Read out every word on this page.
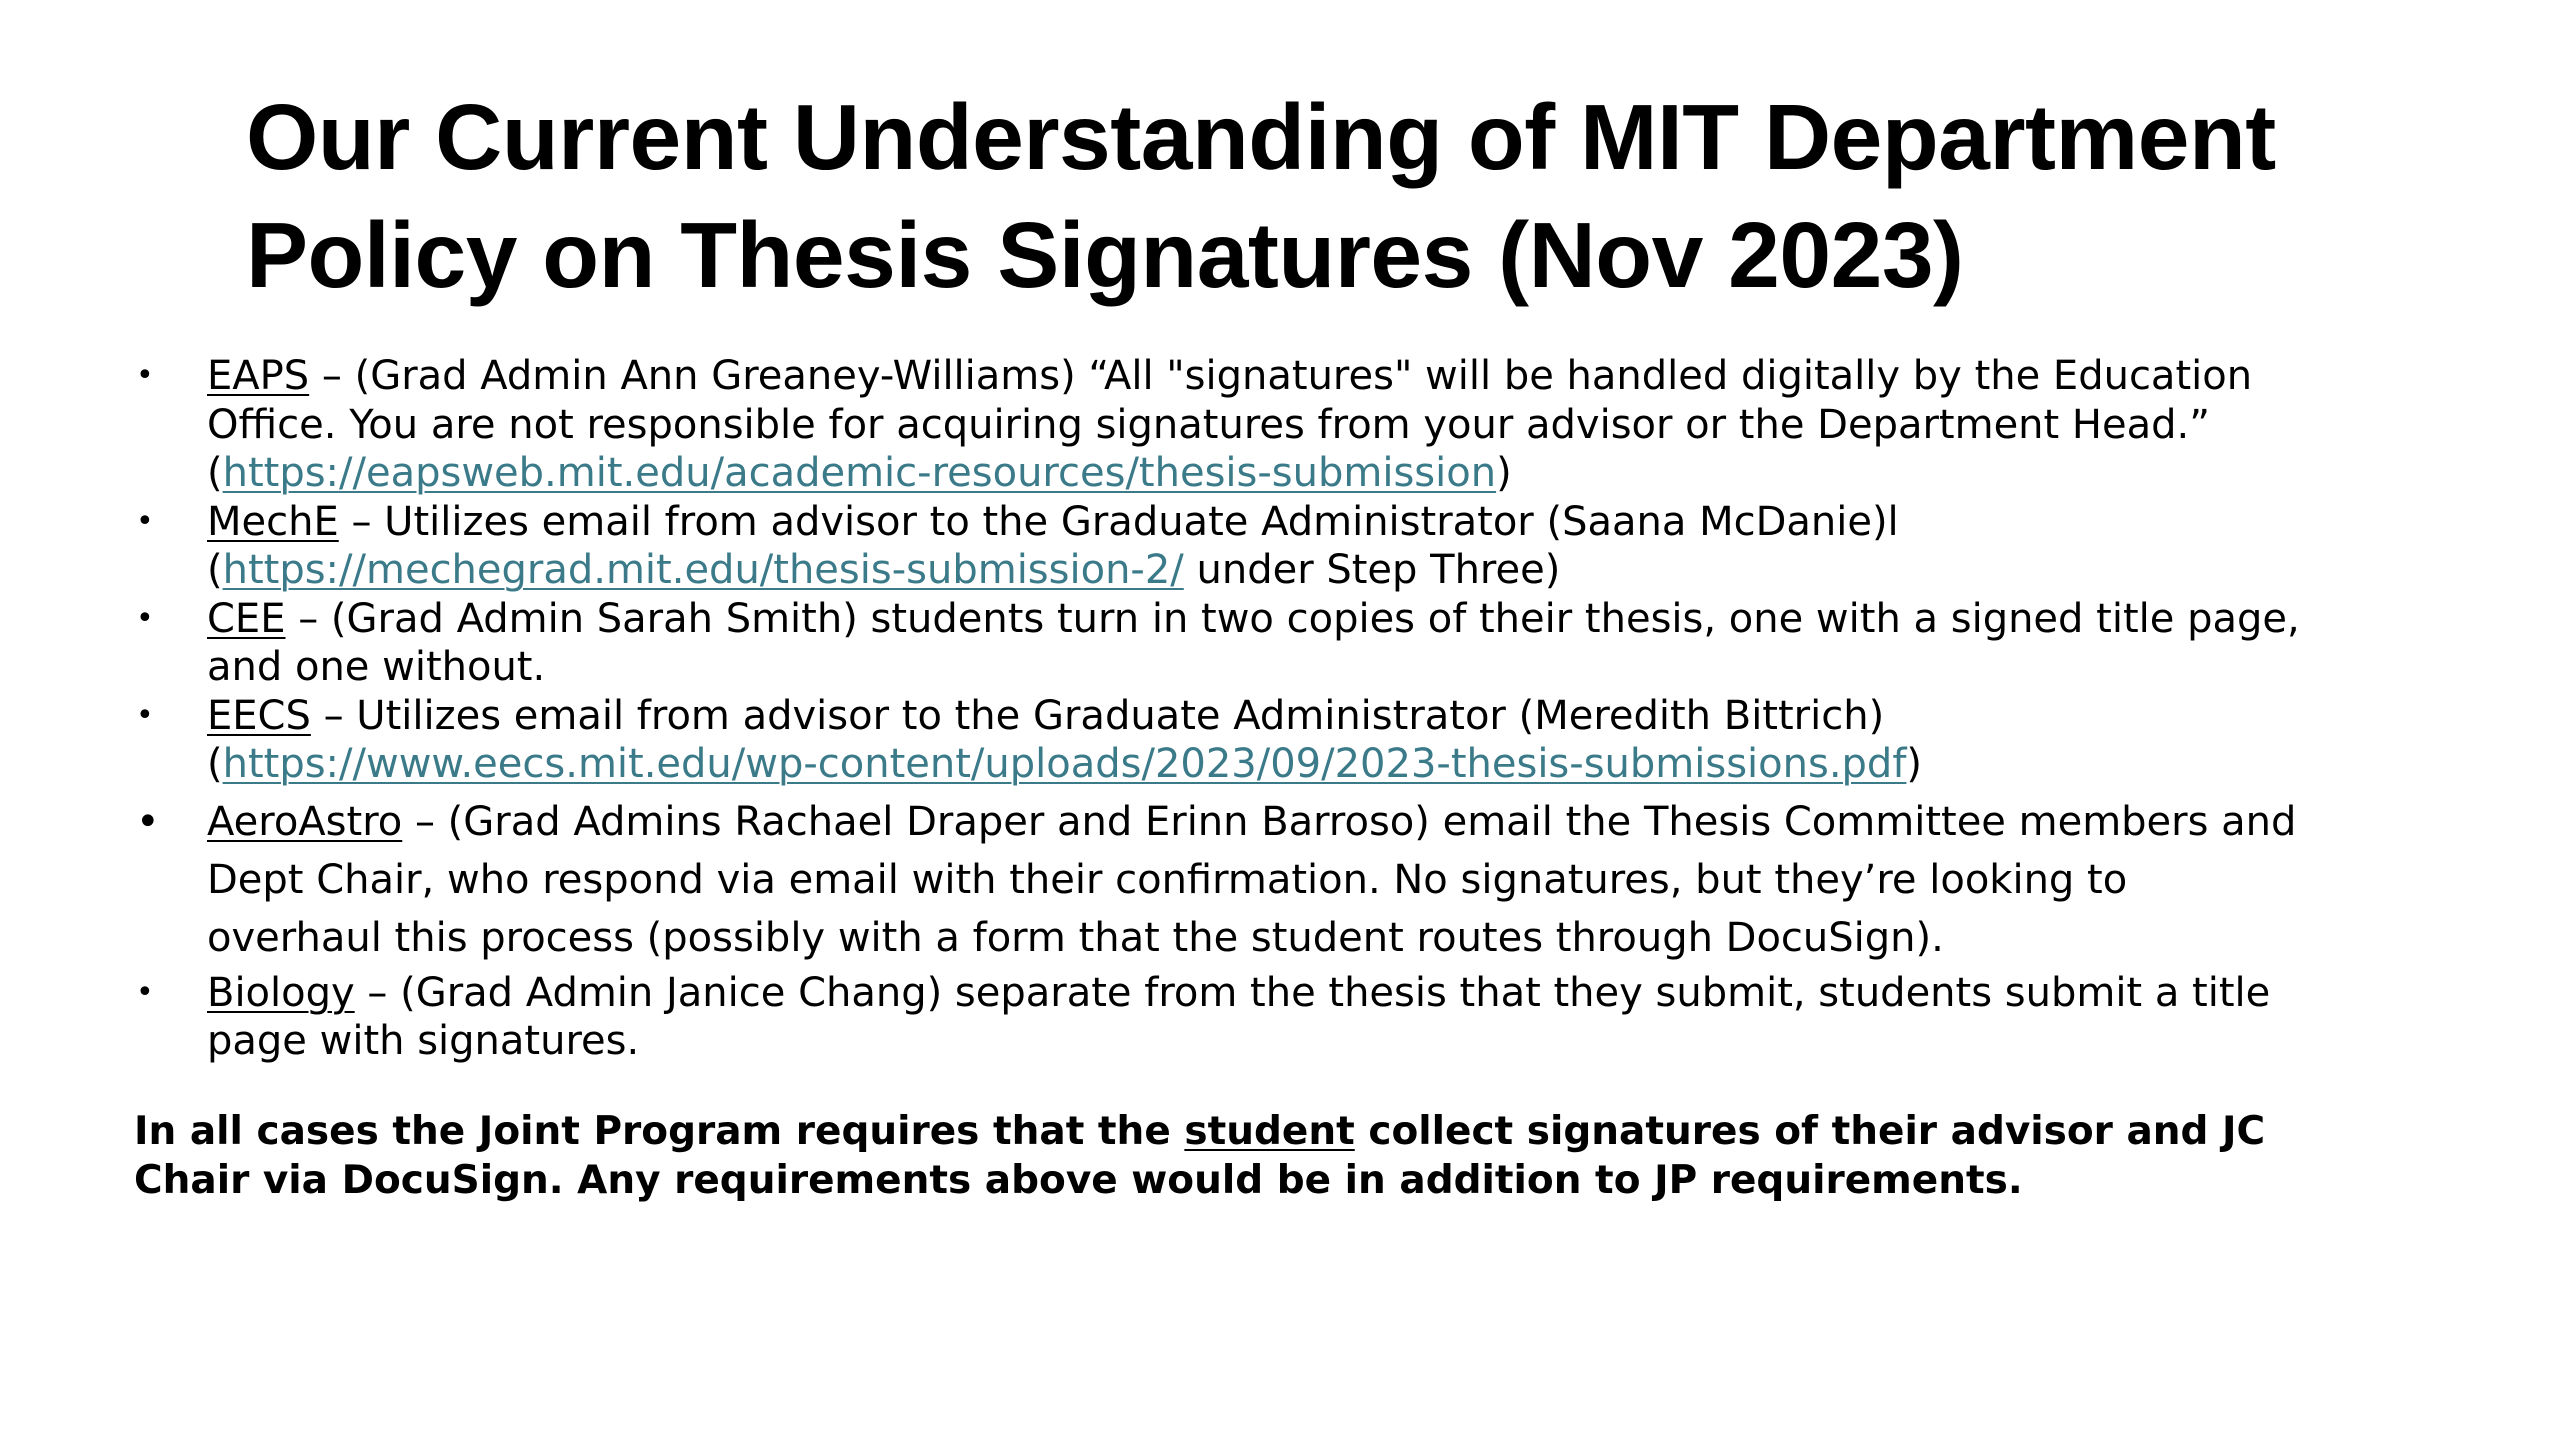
Our Current Understanding of MIT Department
Policy on Thesis Signatures (Nov 2023)
• EAPS – (Grad Admin Ann Greaney-Williams) “All "signatures" will be handled digitally by the Education Office. You are not responsible for acquiring signatures from your advisor or the Department Head.” (https://eapsweb.mit.edu/academic-resources/thesis-submission)
• MechE – Utilizes email from advisor to the Graduate Administrator (Saana McDanie)l (https://mechegrad.mit.edu/thesis-submission-2/ under Step Three)
• CEE – (Grad Admin Sarah Smith) students turn in two copies of their thesis, one with a signed title page, and one without.
• EECS – Utilizes email from advisor to the Graduate Administrator (Meredith Bittrich) (https://www.eecs.mit.edu/wp-content/uploads/2023/09/2023-thesis-submissions.pdf)
• AeroAstro – (Grad Admins Rachael Draper and Erinn Barroso) email the Thesis Committee members and Dept Chair, who respond via email with their confirmation. No signatures, but they’re looking to overhaul this process (possibly with a form that the student routes through DocuSign).
• Biology – (Grad Admin Janice Chang) separate from the thesis that they submit, students submit a title page with signatures.

In all cases the Joint Program requires that the student collect signatures of their advisor and JC Chair via DocuSign. Any requirements above would be in addition to JP requirements.
